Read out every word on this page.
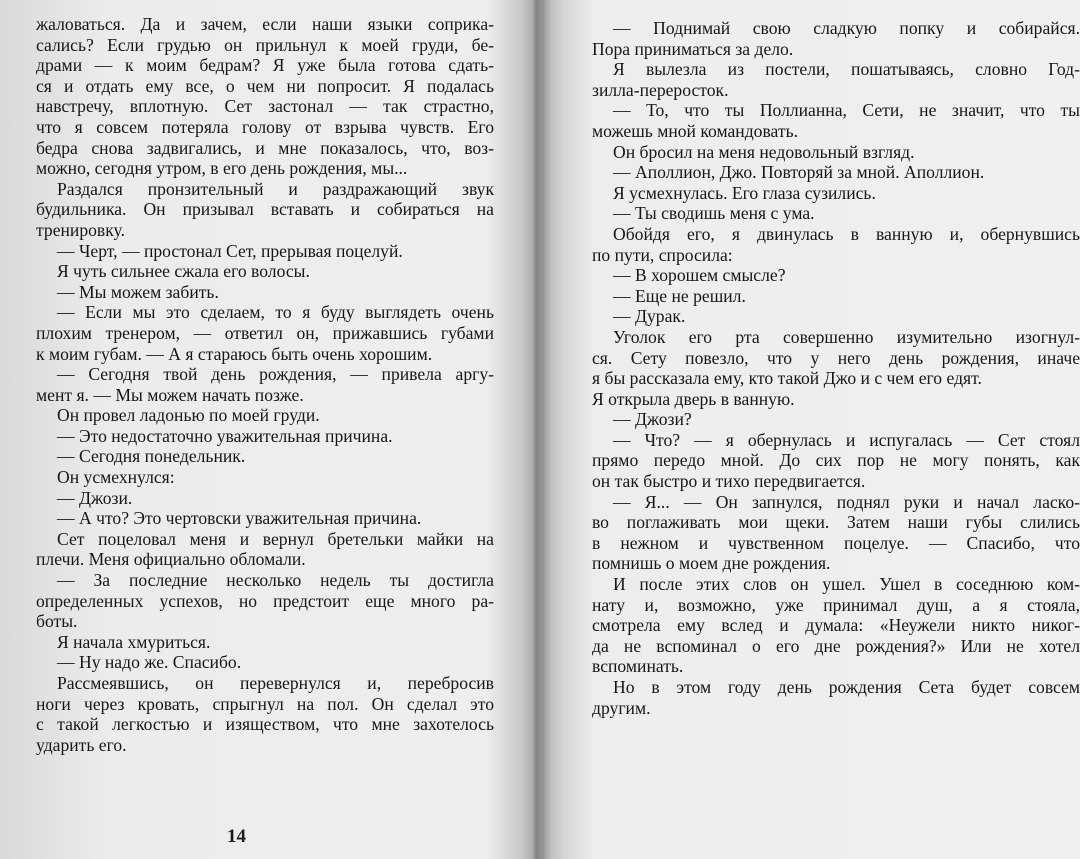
жаловаться. Да и зачем, если наши языки соприка-
сались? Если грудью он прильнул к моей груди, бе-
драми — к моим бедрам? Я уже была готова сдать-
ся и отдать ему все, о чем ни попросит. Я подалась
навстречу, вплотную. Сет застонал — так страстно,
что я совсем потеряла голову от взрыва чувств. Его
бедра снова задвигались, и мне показалось, что, воз-
можно, сегодня утром, в его день рождения, мы...
Раздался пронзительный и раздражающий звук
будильника. Он призывал вставать и собираться на
тренировку.
— Черт, — простонал Сет, прерывая поцелуй.
Я чуть сильнее сжала его волосы.
— Мы можем забить.
— Если мы это сделаем, то я буду выглядеть очень
плохим тренером, — ответил он, прижавшись губами
к моим губам. — А я стараюсь быть очень хорошим.
— Сегодня твой день рождения, — привела аргу-
мент я. — Мы можем начать позже.
Он провел ладонью по моей груди.
— Это недостаточно уважительная причина.
— Сегодня понедельник.
Он усмехнулся:
— Джози.
— А что? Это чертовски уважительная причина.
Сет поцеловал меня и вернул бретельки майки на
плечи. Меня официально обломали.
— За последние несколько недель ты достигла
определенных успехов, но предстоит еще много ра-
боты.
Я начала хмуриться.
— Ну надо же. Спасибо.
Рассмеявшись, он перевернулся и, перебросив
ноги через кровать, спрыгнул на пол. Он сделал это
с такой легкостью и изяществом, что мне захотелось
ударить его.
14
— Поднимай свою сладкую попку и собирайся.
Пора приниматься за дело.
Я вылезла из постели, пошатываясь, словно Год-
зилла-переросток.
— То, что ты Поллианна, Сети, не значит, что ты
можешь мной командовать.
Он бросил на меня недовольный взгляд.
— Аполлион, Джо. Повторяй за мной. Аполлион.
Я усмехнулась. Его глаза сузились.
— Ты сводишь меня с ума.
Обойдя его, я двинулась в ванную и, обернувшись
по пути, спросила:
— В хорошем смысле?
— Еще не решил.
— Дурак.
Уголок его рта совершенно изумительно изогнул-
ся. Сету повезло, что у него день рождения, иначе
я бы рассказала ему, кто такой Джо и с чем его едят.
Я открыла дверь в ванную.
— Джози?
— Что? — я обернулась и испугалась — Сет стоял
прямо передо мной. До сих пор не могу понять, как
он так быстро и тихо передвигается.
— Я... — Он запнулся, поднял руки и начал ласко-
во поглаживать мои щеки. Затем наши губы слились
в нежном и чувственном поцелуе. — Спасибо, что
помнишь о моем дне рождения.
И после этих слов он ушел. Ушел в соседнюю ком-
нату и, возможно, уже принимал душ, а я стояла,
смотрела ему вслед и думала: «Неужели никто никог-
да не вспоминал о его дне рождения?» Или не хотел
вспоминать.
Но в этом году день рождения Сета будет совсем
другим.
